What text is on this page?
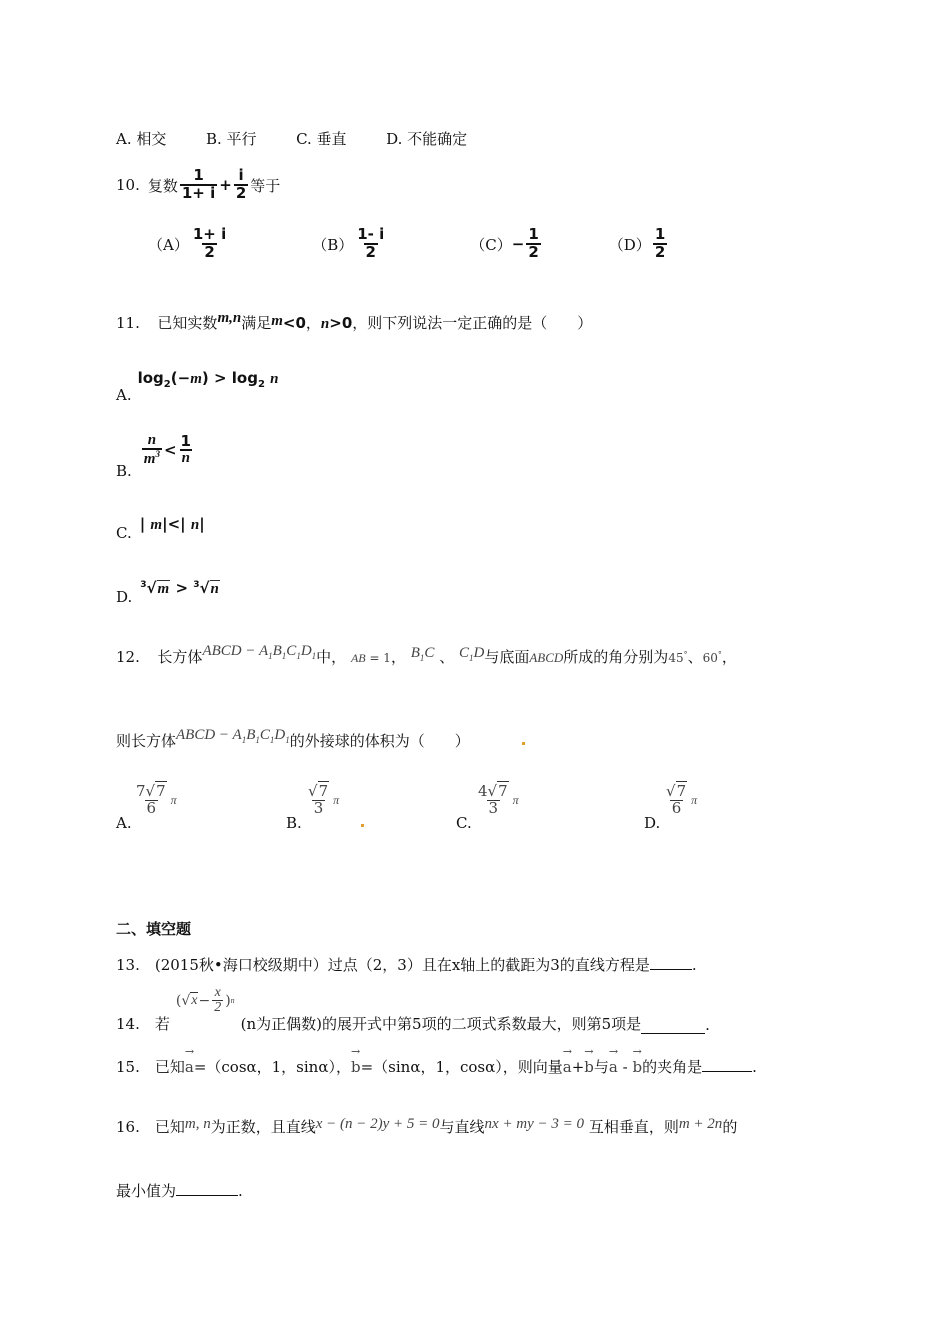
A. 相交	B. 平行	C. 垂直	D. 不能确定
10. 复数 $\frac{1}{1+ i} + \frac{i}{2}$ 等于
$(A) \frac{1+ i}{2}$	$(B) \frac{1- i}{2}$	$(C) - \frac{1}{2}$	$(D) \frac{1}{2}$
11. 已知实数m,n满足m<0，n>0，则下列说法一定正确的是（　　）
A.
$\log_2(-m) > \log_2 n$
B.
$\frac{n}{m^3} < \frac{1}{n}$
C. | m|<| n|
D.
$^3$√m > $^3$√n
12. 长方体ABCD − $A_1B_1C_1D_1$中， AB = 1， $B_1C$ 、 $C_1D$与底面ABCD所成的角分别为45°、60°，
则长方体ABCD − $A_1B_1C_1D_1$的外接球的体积为（　　）
A.
$\frac{7√7}{6}$ π
B.
$\frac{√7}{3}$ π
C.
$\frac{4√7}{3}$ π
D.
$\frac{√7}{6}$ π
二、填空题
13.　(2015秋•海口校级期中）过点（2，3）且在x轴上的截距为3的直线方程是	.
14.　若
(√ $x - \frac{x}{2}$ ) n
(n为正偶数)的展开式中第5项的二项式系数最大，则第5项是	.
15.　已知→ a=（cosα，1，sinα），→ b=（sinα，1，cosα），则向量→ a+→ b与→ a - → b的夹角是	.
16.　已知m, n为正数，且直线x − (n − 2)y + 5 = 0与直线nx + my − 3 = 0 互相垂直，则m + 2n的
最小值为	.
